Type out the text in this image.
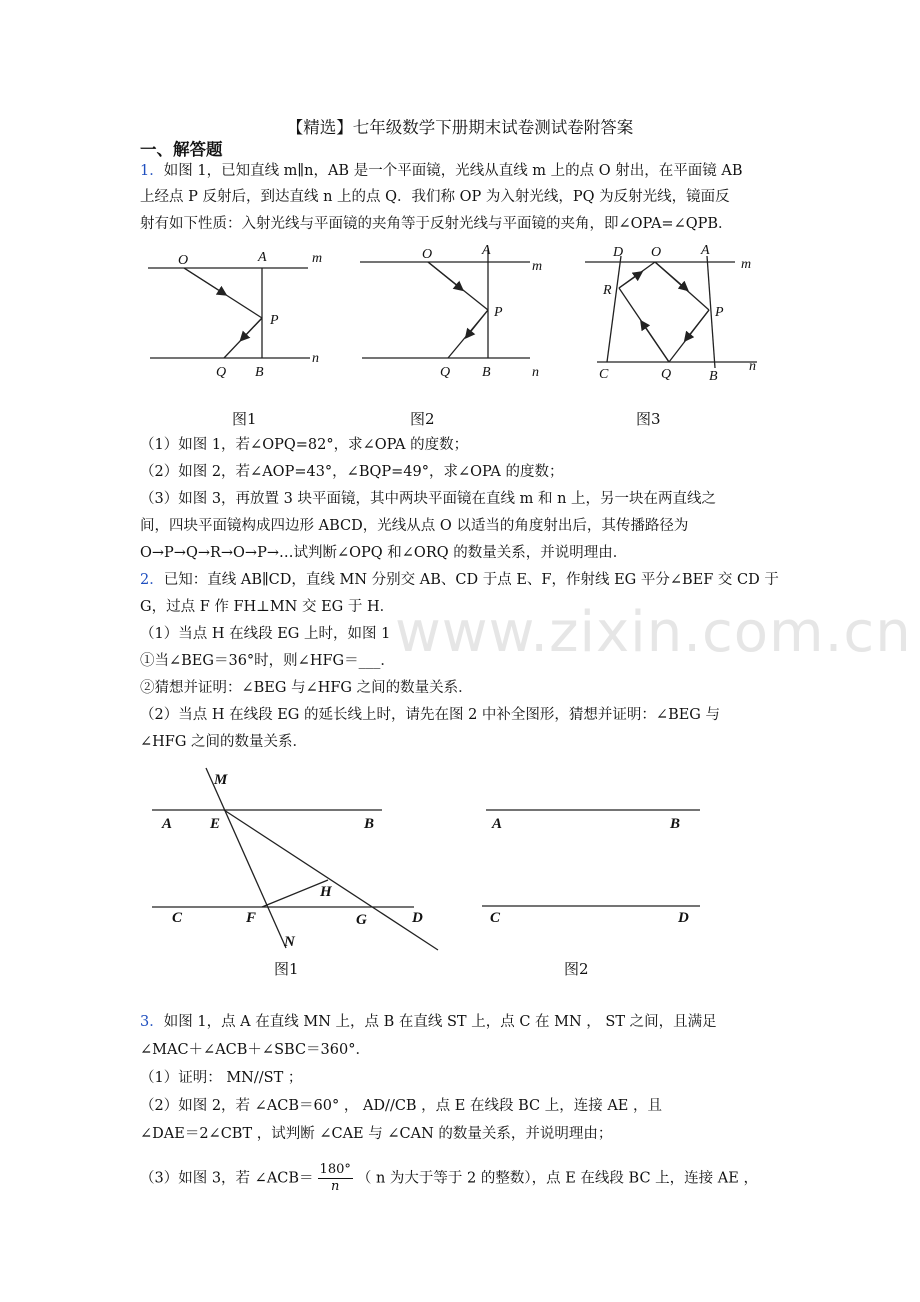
www.zixin.com.cn
【精选】七年级数学下册期末试卷测试卷附答案
一、解答题
1．如图 1，已知直线 m∥n，AB 是一个平面镜，光线从直线 m 上的点 O 射出，在平面镜 AB
上经点 P 反射后，到达直线 n 上的点 Q．我们称 OP 为入射光线，PQ 为反射光线，镜面反
射有如下性质：入射光线与平面镜的夹角等于反射光线与平面镜的夹角，即∠OPA=∠QPB．
O	A	m
P
Q B
n
O	A
m
P
Q B	n
D O	A
m
R
P
C	Q	B
n
图1	图2	图3
（1）如图 1，若∠OPQ=82°，求∠OPA 的度数；
（2）如图 2，若∠AOP=43°，∠BQP=49°，求∠OPA 的度数；
（3）如图 3，再放置 3 块平面镜，其中两块平面镜在直线 m 和 n 上，另一块在两直线之
间，四块平面镜构成四边形 ABCD，光线从点 O 以适当的角度射出后，其传播路径为
O→P→Q→R→O→P→…试判断∠OPQ 和∠ORQ 的数量关系，并说明理由．
2．已知：直线 AB∥CD，直线 MN 分别交 AB、CD 于点 E、F，作射线 EG 平分∠BEF 交 CD 于
G，过点 F 作 FH⊥MN 交 EG 于 H．
（1）当点 H 在线段 EG 上时，如图 1
①当∠BEG＝36°时，则∠HFG＝___．
②猜想并证明：∠BEG 与∠HFG 之间的数量关系．
（2）当点 H 在线段 EG 的延长线上时，请先在图 2 中补全图形，猜想并证明：∠BEG 与
∠HFG 之间的数量关系．
M
A	E	B
H
C	F	G	D
N
A	B
C	D
图1	图2
3．如图 1，点 A 在直线 MN 上，点 B 在直线 ST 上，点 C 在 MN ， ST 之间，且满足
∠MAC＋∠ACB＋∠SBC＝360°．
（1）证明： MN//ST ；
（2）如图 2，若 ∠ACB＝60° ， AD//CB ，点 E 在线段 BC 上，连接 AE ，且
∠DAE＝2∠CBT ，试判断 ∠CAE 与 ∠CAN 的数量关系，并说明理由；
（3）如图 3，若 ∠ACB＝ $\frac{180^\circ}{n}$ （ n 为大于等于 2 的整数），点 E 在线段 BC 上，连接 AE ，
